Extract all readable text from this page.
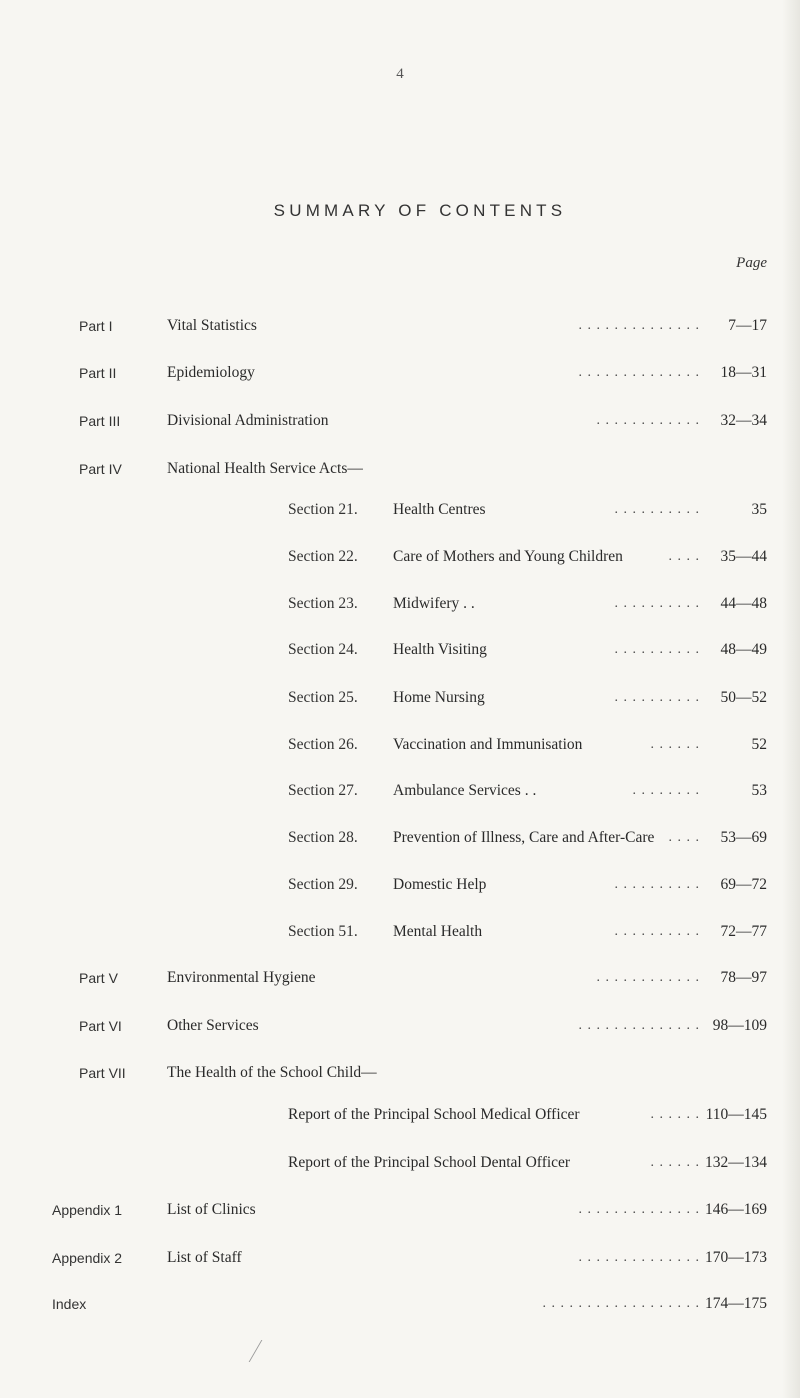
4
SUMMARY OF CONTENTS
Page
Part I	Vital Statistics	. . . . . . . . . . . . . . 7—17
Part II	Epidemiology	. . . . . . . . . . . . . . 18—31
Part III	Divisional Administration	. . . . . . . . . . . . 32—34
Part IV	National Health Service Acts—
Section 21. Health Centres	. . . . . . . . . .	35
Section 22. Care of Mothers and Young Children	. . . . 35—44
Section 23. Midwifery . .	. . . . . . . . . . 44—48
Section 24. Health Visiting	. . . . . . . . . . 48—49
Section 25. Home Nursing	. . . . . . . . . . 50—52
Section 26. Vaccination and Immunisation	. . . . . .	52
Section 27. Ambulance Services . .	. . . . . . . .	53
Section 28. Prevention of Illness, Care and After-Care . . . . 53—69
Section 29. Domestic Help	. . . . . . . . . . 69—72
Section 51. Mental Health	. . . . . . . . . . 72—77
Part V	Environmental Hygiene	. . . . . . . . . . . . 78—97
Part VI	Other Services	. . . . . . . . . . . . . . 98—109
Part VII	The Health of the School Child—
Report of the Principal School Medical Officer	. . . . . . 110—145
Report of the Principal School Dental Officer	. . . . . . 132—134
Appendix 1	List of Clinics	. . . . . . . . . . . . . . 146—169
Appendix 2	List of Staff	. . . . . . . . . . . . . . 170—173
Index	. . . . . . . . . . . . . . . . . . 174—175
